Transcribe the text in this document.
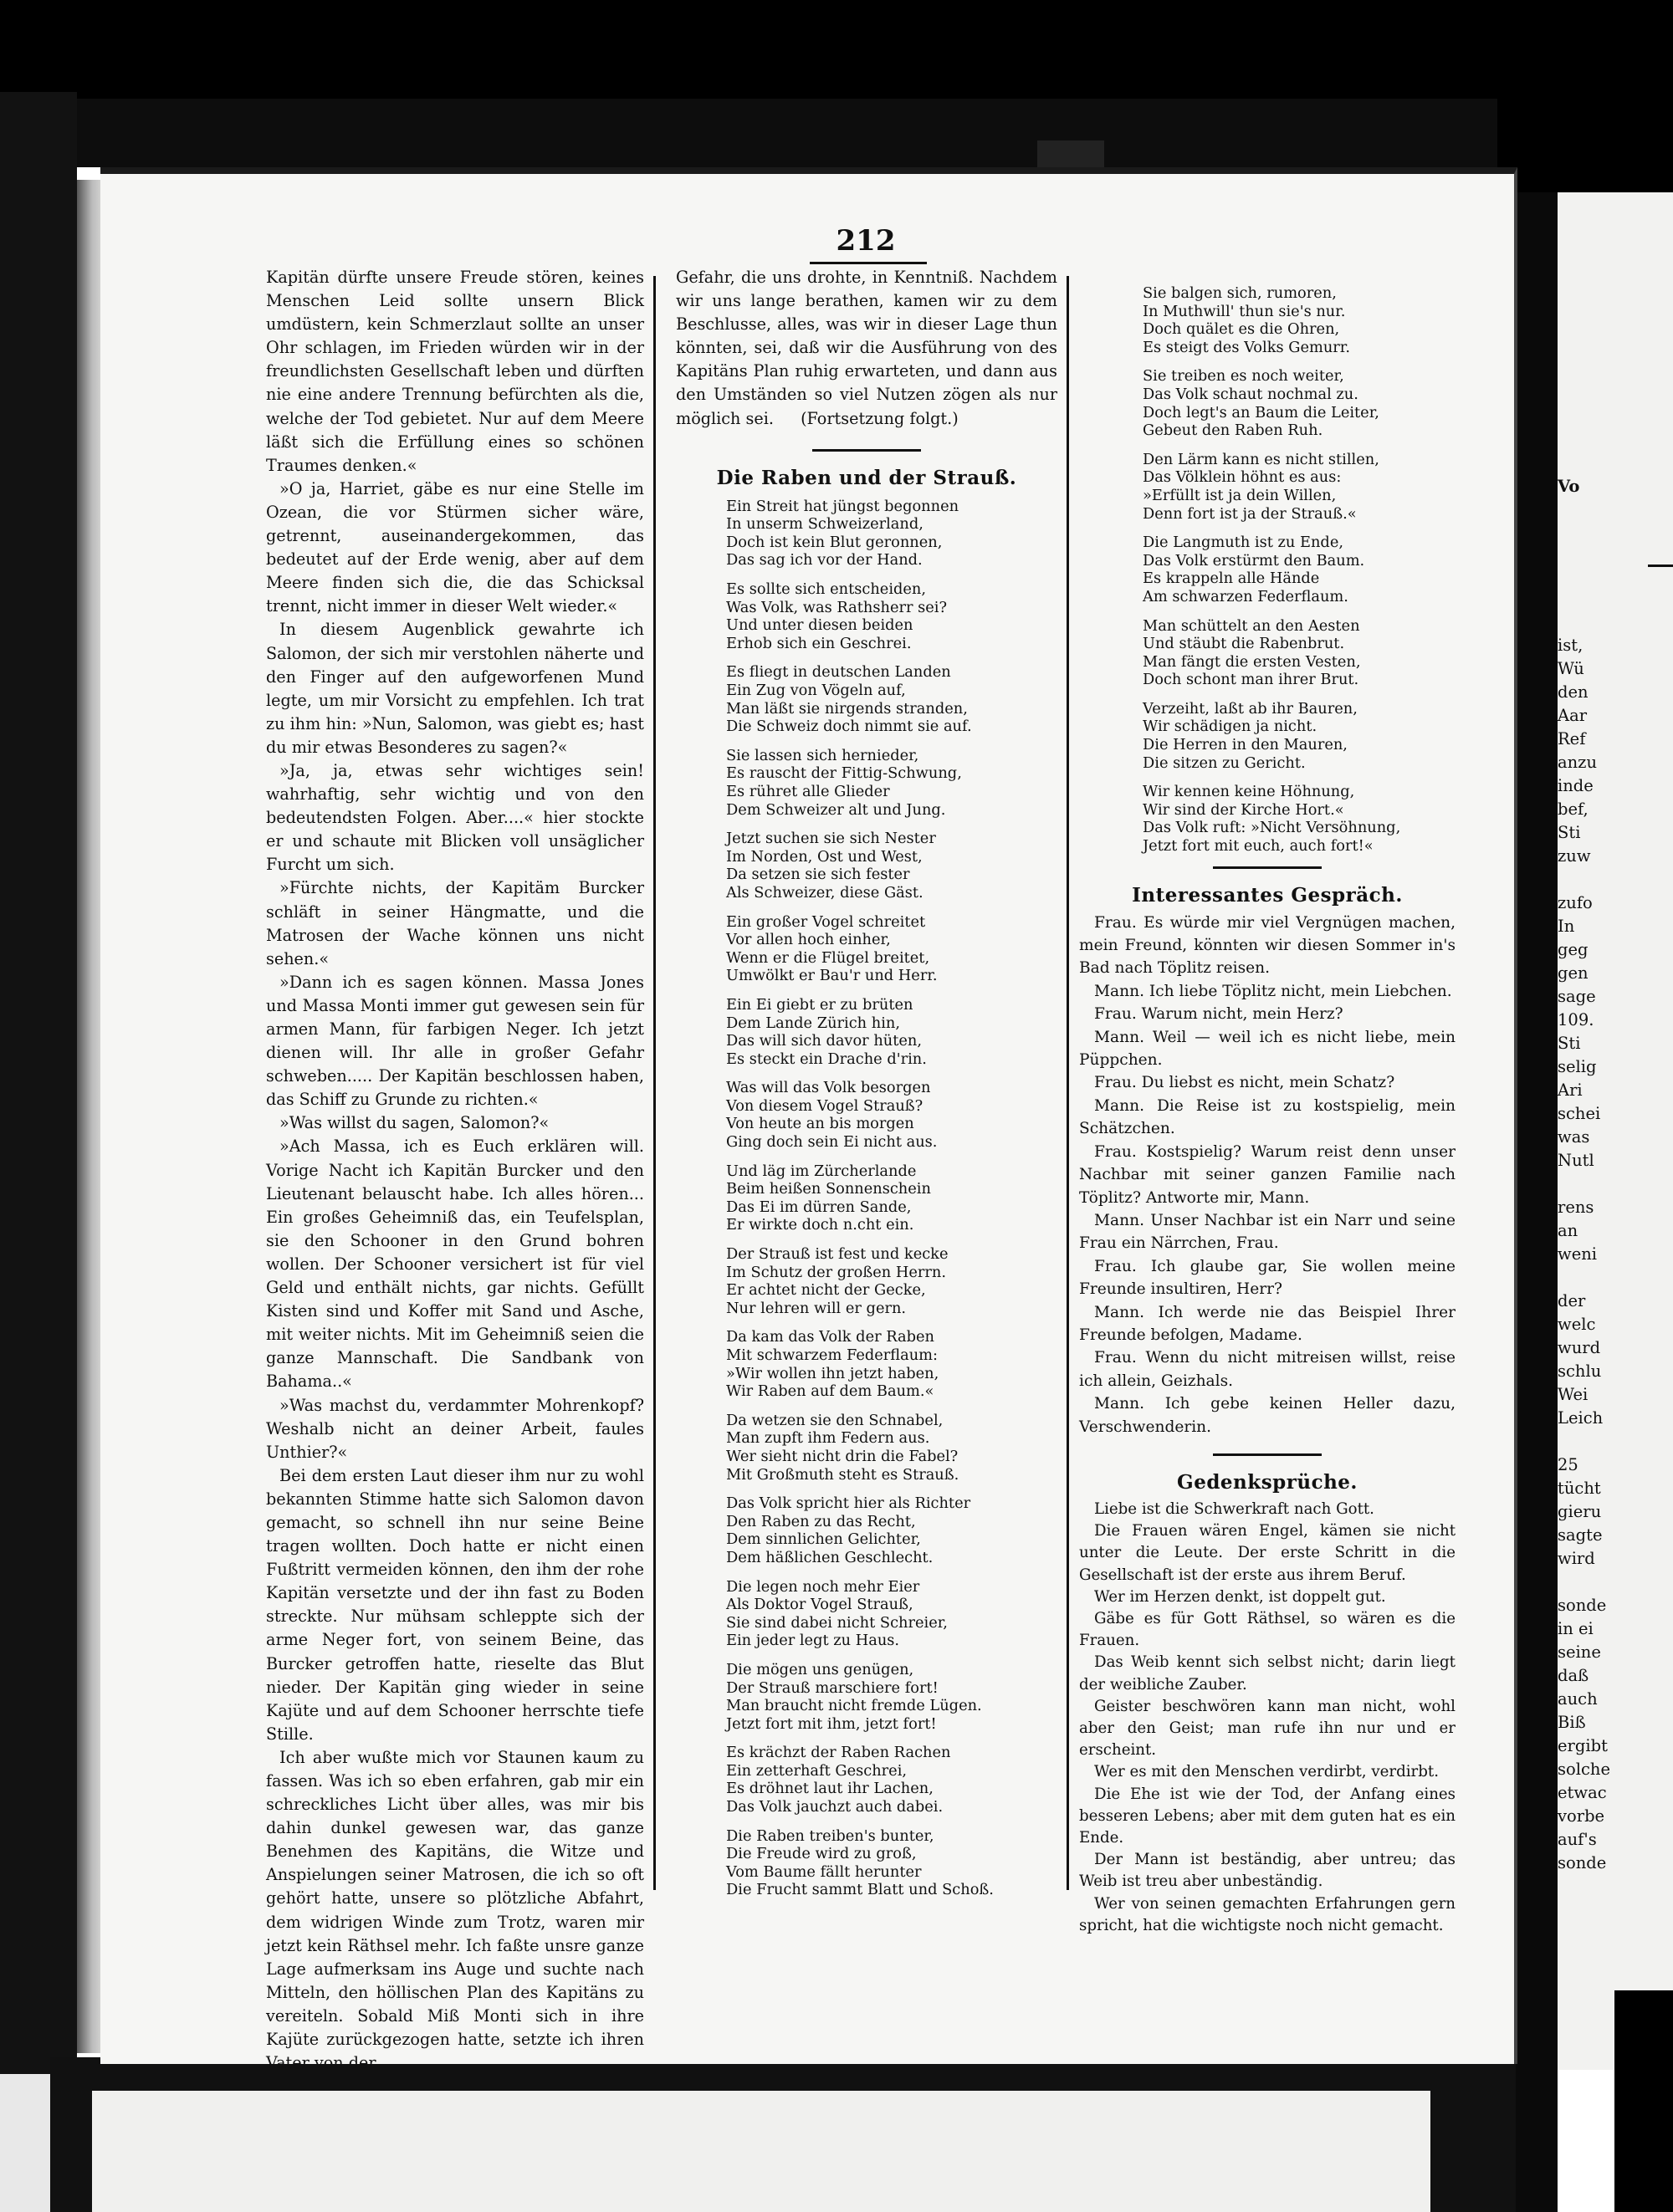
212

Kapitän dürfte unsere Freude stören, keines Menschen Leid sollte unsern Blick umdüstern, kein Schmerzlaut sollte an unser Ohr schlagen, im Frieden würden wir in der freundlichsten Gesellschaft leben und dürften nie eine andere Trennung befürchten als die, welche der Tod gebietet. Nur auf dem Meere läßt sich die Erfüllung eines so schönen Traumes denken.«

»O ja, Harriet, gäbe es nur eine Stelle im Ozean, die vor Stürmen sicher wäre, getrennt, auseinandergekommen, das bedeutet auf der Erde wenig, aber auf dem Meere finden sich die, die das Schicksal trennt, nicht immer in dieser Welt wieder.«

In diesem Augenblick gewahrte ich Salomon, der sich mir verstohlen näherte und den Finger auf den aufgeworfenen Mund legte, um mir Vorsicht zu empfehlen. Ich trat zu ihm hin: »Nun, Salomon, was giebt es; hast du mir etwas Besonderes zu sagen?«

»Ja, ja, etwas sehr wichtiges sein! wahrhaftig, sehr wichtig und von den bedeutendsten Folgen. Aber....« hier stockte er und schaute mit Blicken voll unsäglicher Furcht um sich.

»Fürchte nichts, der Kapitäm Burcker schläft in seiner Hängmatte, und die Matrosen der Wache können uns nicht sehen.«

»Dann ich es sagen können. Massa Jones und Massa Monti immer gut gewesen sein für armen Mann, für farbigen Neger. Ich jetzt dienen will. Ihr alle in großer Gefahr schweben..... Der Kapitän beschlossen haben, das Schiff zu Grunde zu richten.«

»Was willst du sagen, Salomon?«

»Ach Massa, ich es Euch erklären will. Vorige Nacht ich Kapitän Burcker und den Lieutenant belauscht habe. Ich alles hören... Ein großes Geheimniß das, ein Teufelsplan, sie den Schooner in den Grund bohren wollen. Der Schooner versichert ist für viel Geld und enthält nichts, gar nichts. Gefüllt Kisten sind und Koffer mit Sand und Asche, mit weiter nichts. Mit im Geheimniß seien die ganze Mannschaft. Die Sandbank von Bahama..«

»Was machst du, verdammter Mohrenkopf? Weshalb nicht an deiner Arbeit, faules Unthier?«

Bei dem ersten Laut dieser ihm nur zu wohl bekannten Stimme hatte sich Salomon davon gemacht, so schnell ihn nur seine Beine tragen wollten. Doch hatte er nicht einen Fußtritt vermeiden können, den ihm der rohe Kapitän versetzte und der ihn fast zu Boden streckte. Nur mühsam schleppte sich der arme Neger fort, von seinem Beine, das Burcker getroffen hatte, rieselte das Blut nieder. Der Kapitän ging wieder in seine Kajüte und auf dem Schooner herrschte tiefe Stille.

Ich aber wußte mich vor Staunen kaum zu fassen. Was ich so eben erfahren, gab mir ein schreckliches Licht über alles, was mir bis dahin dunkel gewesen war, das ganze Benehmen des Kapitäns, die Witze und Anspielungen seiner Matrosen, die ich so oft gehört hatte, unsere so plötzliche Abfahrt, dem widrigen Winde zum Trotz, waren mir jetzt kein Räthsel mehr. Ich faßte unsre ganze Lage aufmerksam ins Auge und suchte nach Mitteln, den höllischen Plan des Kapitäns zu vereiteln. Sobald Miß Monti sich in ihre Kajüte zurückgezogen hatte, setzte ich ihren Vater von der

Gefahr, die uns drohte, in Kenntniß. Nachdem wir uns lange berathen, kamen wir zu dem Beschlusse, alles, was wir in dieser Lage thun könnten, sei, daß wir die Ausführung von des Kapitäns Plan ruhig erwarteten, und dann aus den Umständen so viel Nutzen zögen als nur möglich sei. (Fortsetzung folgt.)

Die Raben und der Strauß.
Ein Streit hat jüngst begonnen
In unserm Schweizerland,
Doch ist kein Blut geronnen,
Das sag ich vor der Hand.
Es sollte sich entscheiden,
Was Volk, was Rathsherr sei?
Und unter diesen beiden
Erhob sich ein Geschrei.
Es fliegt in deutschen Landen
Ein Zug von Vögeln auf,
Man läßt sie nirgends stranden,
Die Schweiz doch nimmt sie auf.
Sie lassen sich hernieder,
Es rauscht der Fittig-Schwung,
Es rühret alle Glieder
Dem Schweizer alt und Jung.
Jetzt suchen sie sich Nester
Im Norden, Ost und West,
Da setzen sie sich fester
Als Schweizer, diese Gäst.
Ein großer Vogel schreitet
Vor allen hoch einher,
Wenn er die Flügel breitet,
Umwölkt er Bau'r und Herr.
Ein Ei giebt er zu brüten
Dem Lande Zürich hin,
Das will sich davor hüten,
Es steckt ein Drache d'rin.
Was will das Volk besorgen
Von diesem Vogel Strauß?
Von heute an bis morgen
Ging doch sein Ei nicht aus.
Und läg im Zürcherlande
Beim heißen Sonnenschein
Das Ei im dürren Sande,
Er wirkte doch n.cht ein.
Der Strauß ist fest und kecke
Im Schutz der großen Herrn.
Er achtet nicht der Gecke,
Nur lehren will er gern.
Da kam das Volk der Raben
Mit schwarzem Federflaum:
»Wir wollen ihn jetzt haben,
Wir Raben auf dem Baum.«
Da wetzen sie den Schnabel,
Man zupft ihm Federn aus.
Wer sieht nicht drin die Fabel?
Mit Großmuth steht es Strauß.
Das Volk spricht hier als Richter
Den Raben zu das Recht,
Dem sinnlichen Gelichter,
Dem häßlichen Geschlecht.
Die legen noch mehr Eier
Als Doktor Vogel Strauß,
Sie sind dabei nicht Schreier,
Ein jeder legt zu Haus.
Die mögen uns genügen,
Der Strauß marschiere fort!
Man braucht nicht fremde Lügen.
Jetzt fort mit ihm, jetzt fort!
Es krächzt der Raben Rachen
Ein zetterhaft Geschrei,
Es dröhnet laut ihr Lachen,
Das Volk jauchzt auch dabei.
Die Raben treiben's bunter,
Die Freude wird zu groß,
Vom Baume fällt herunter
Die Frucht sammt Blatt und Schoß.
Sie balgen sich, rumoren,
In Muthwill' thun sie's nur.
Doch quälet es die Ohren,
Es steigt des Volks Gemurr.
Sie treiben es noch weiter,
Das Volk schaut nochmal zu.
Doch legt's an Baum die Leiter,
Gebeut den Raben Ruh.
Den Lärm kann es nicht stillen,
Das Völklein höhnt es aus:
»Erfüllt ist ja dein Willen,
Denn fort ist ja der Strauß.«
Die Langmuth ist zu Ende,
Das Volk erstürmt den Baum.
Es krappeln alle Hände
Am schwarzen Federflaum.
Man schüttelt an den Aesten
Und stäubt die Rabenbrut.
Man fängt die ersten Vesten,
Doch schont man ihrer Brut.
Verzeiht, laßt ab ihr Bauren,
Wir schädigen ja nicht.
Die Herren in den Mauren,
Die sitzen zu Gericht.
Wir kennen keine Höhnung,
Wir sind der Kirche Hort.«
Das Volk ruft: »Nicht Versöhnung,
Jetzt fort mit euch, auch fort!«
Interessantes Gespräch.

Frau. Es würde mir viel Vergnügen machen, mein Freund, könnten wir diesen Sommer in's Bad nach Töplitz reisen.

Mann. Ich liebe Töplitz nicht, mein Liebchen.

Frau. Warum nicht, mein Herz?

Mann. Weil — weil ich es nicht liebe, mein Püppchen.

Frau. Du liebst es nicht, mein Schatz?

Mann. Die Reise ist zu kostspielig, mein Schätzchen.

Frau. Kostspielig? Warum reist denn unser Nachbar mit seiner ganzen Familie nach Töplitz? Antworte mir, Mann.

Mann. Unser Nachbar ist ein Narr und seine Frau ein Närrchen, Frau.

Frau. Ich glaube gar, Sie wollen meine Freunde insultiren, Herr?

Mann. Ich werde nie das Beispiel Ihrer Freunde befolgen, Madame.

Frau. Wenn du nicht mitreisen willst, reise ich allein, Geizhals.

Mann. Ich gebe keinen Heller dazu, Verschwenderin.

Gedenksprüche.

Liebe ist die Schwerkraft nach Gott.

Die Frauen wären Engel, kämen sie nicht unter die Leute. Der erste Schritt in die Gesellschaft ist der erste aus ihrem Beruf.

Wer im Herzen denkt, ist doppelt gut.

Gäbe es für Gott Räthsel, so wären es die Frauen.

Das Weib kennt sich selbst nicht; darin liegt der weibliche Zauber.

Geister beschwören kann man nicht, wohl aber den Geist; man rufe ihn nur und er erscheint.

Wer es mit den Menschen verdirbt, verdirbt.

Die Ehe ist wie der Tod, der Anfang eines besseren Lebens; aber mit dem guten hat es ein Ende.

Der Mann ist beständig, aber untreu; das Weib ist treu aber unbeständig.

Wer von seinen gemachten Erfahrungen gern spricht, hat die wichtigste noch nicht gemacht.

Vo
ist,
Wü
den
Aar
Ref
anzu
inde
bef,
Sti
zuw
zufo
In
geg
gen
sage
109.
Sti
selig
Ari
schei
was
Nutl
rens
an
weni
der
welc
wurd
schlu
Wei
Leich
25
tücht
gieru
sagte
wird
sonde
in ei
seine
daß
auch
Biß
ergibt
solche
etwac
vorbe
auf's
sonde
